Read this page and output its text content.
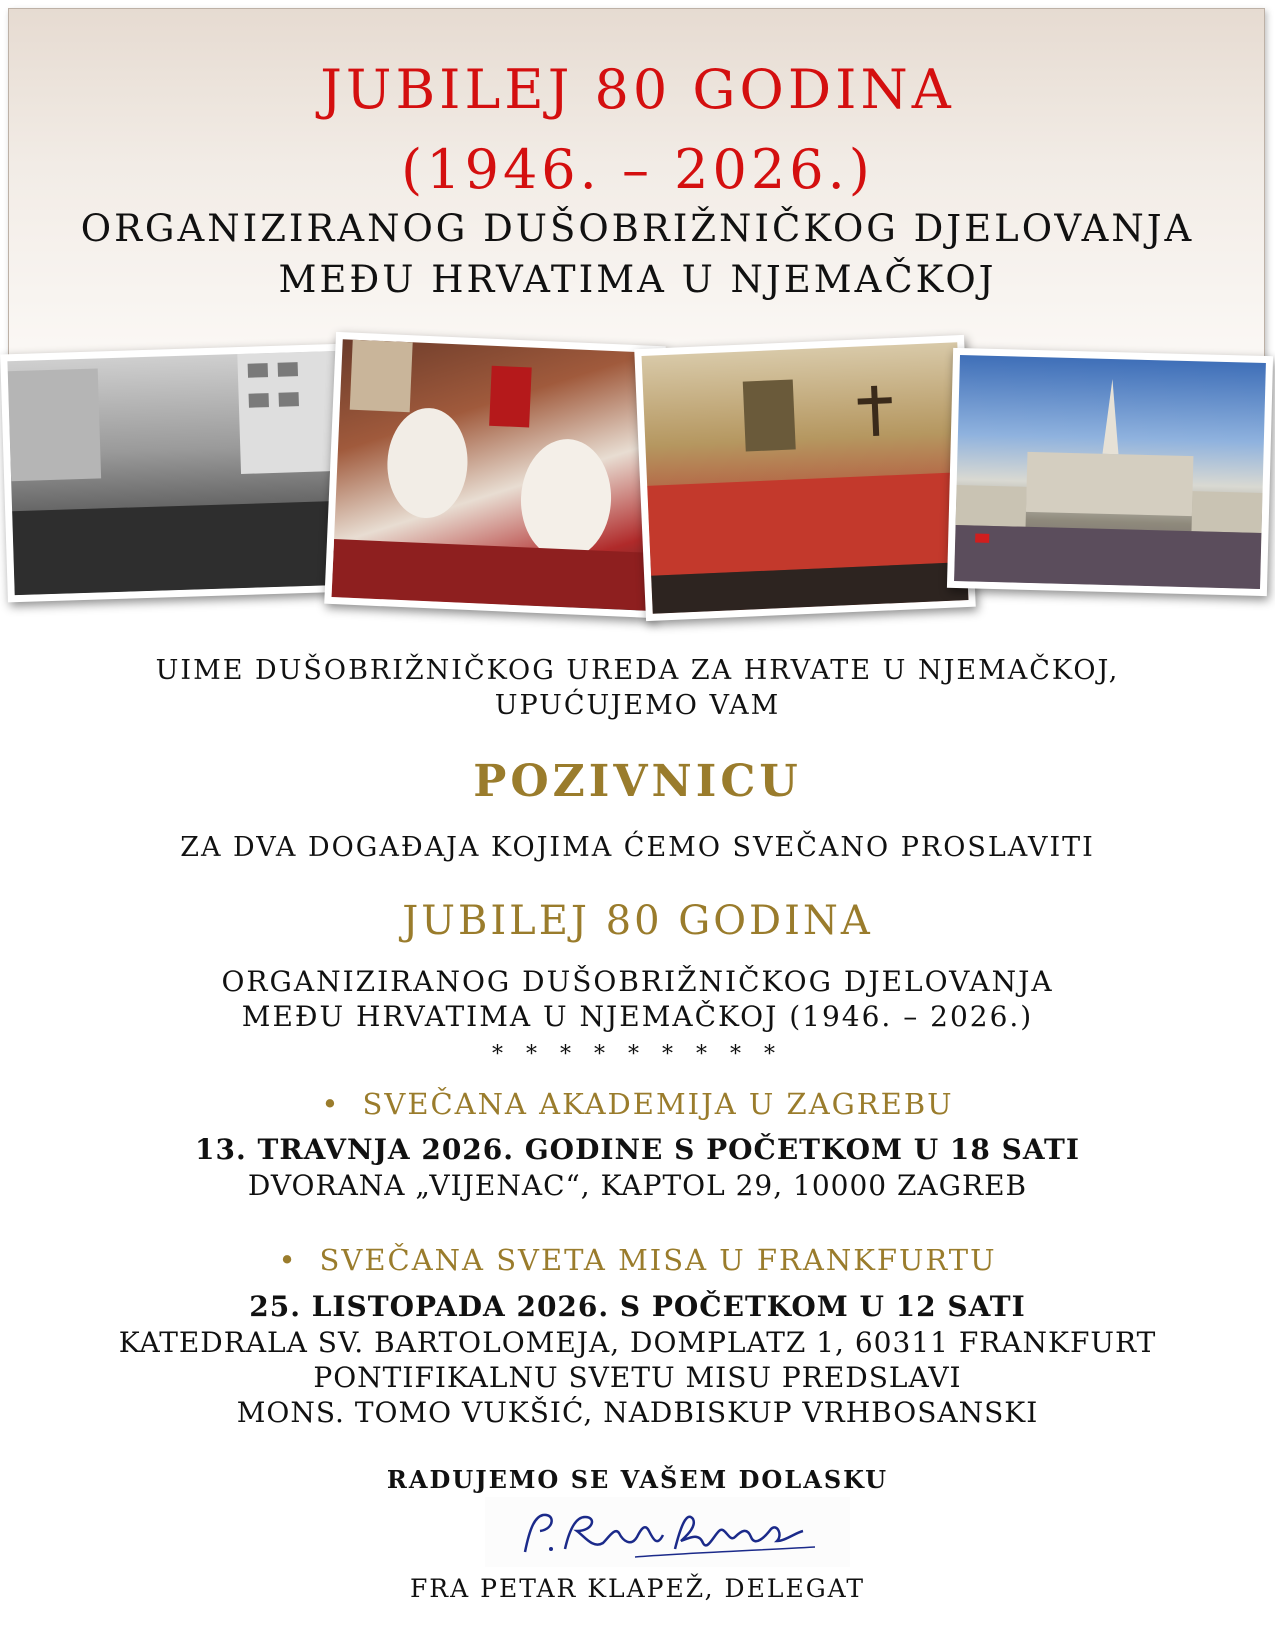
JUBILEJ 80 GODINA
(1946. – 2026.)
ORGANIZIRANOG DUŠOBRIŽNIČKOG DJELOVANJA
MEĐU HRVATIMA U NJEMAČKOJ
UIME DUŠOBRIŽNIČKOG UREDA ZA HRVATE U NJEMAČKOJ,
UPUĆUJEMO VAM
POZIVNICU
ZA DVA DOGAĐAJA KOJIMA ĆEMO SVEČANO PROSLAVITI
JUBILEJ 80 GODINA
ORGANIZIRANOG DUŠOBRIŽNIČKOG DJELOVANJA
MEĐU HRVATIMA U NJEMAČKOJ (1946. – 2026.)
* * * * * * * * *
• SVEČANA AKADEMIJA U ZAGREBU
13. TRAVNJA 2026. GODINE S POČETKOM U 18 SATI
DVORANA „VIJENAC“, KAPTOL 29, 10000 ZAGREB
• SVEČANA SVETA MISA U FRANKFURTU
25. LISTOPADA 2026. S POČETKOM U 12 SATI
KATEDRALA SV. BARTOLOMEJA, DOMPLATZ 1, 60311 FRANKFURT
PONTIFIKALNU SVETU MISU PREDSLAVI
MONS. TOMO VUKŠIĆ, NADBISKUP VRHBOSANSKI
RADUJEMO SE VAŠEM DOLASKU
FRA PETAR KLAPEŽ, DELEGAT
